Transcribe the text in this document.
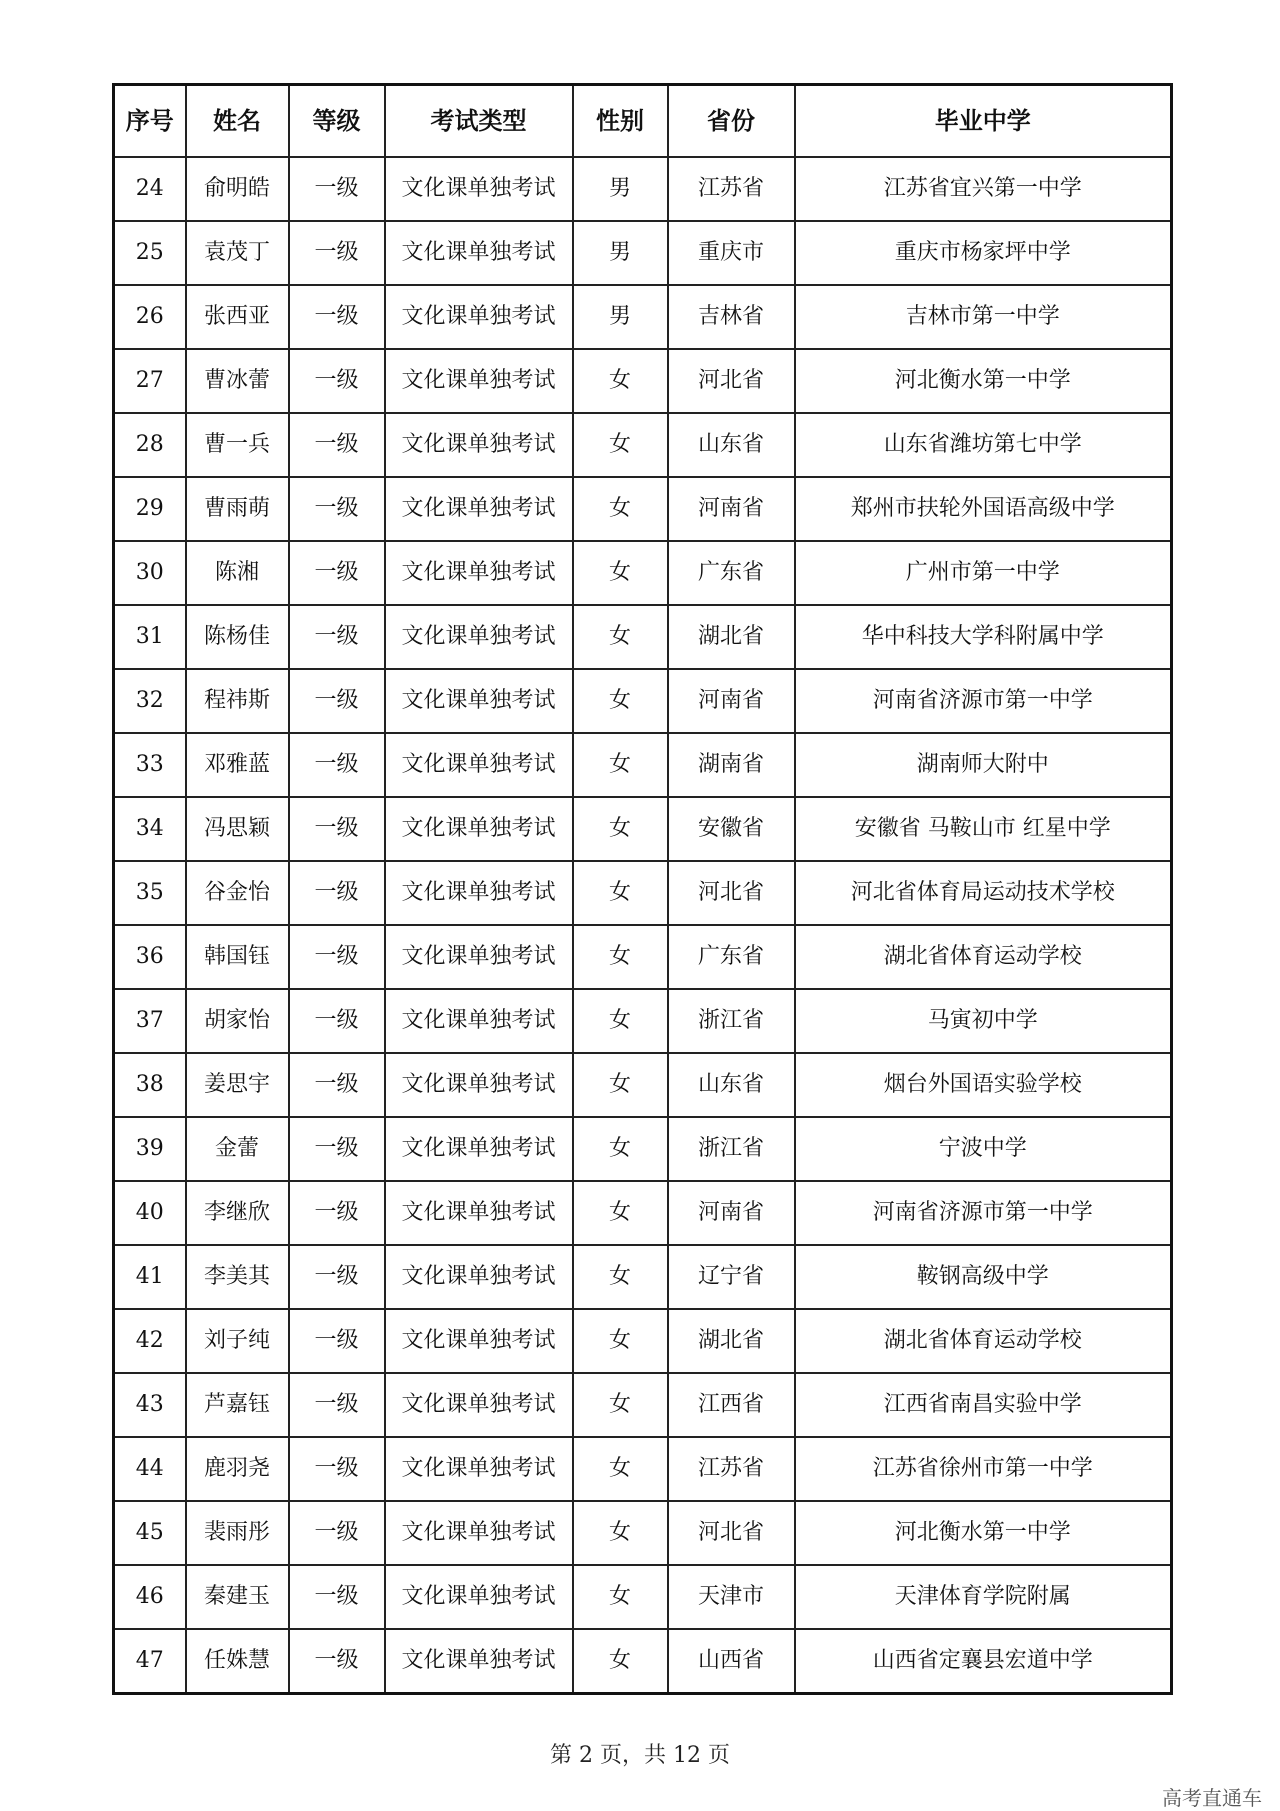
序号	姓名	等级	考试类型	性别	省份	毕业中学
24	俞明皓	一级	文化课单独考试	男	江苏省	江苏省宜兴第一中学
25	袁茂丁	一级	文化课单独考试	男	重庆市	重庆市杨家坪中学
26	张西亚	一级	文化课单独考试	男	吉林省	吉林市第一中学
27	曹冰蕾	一级	文化课单独考试	女	河北省	河北衡水第一中学
28	曹一兵	一级	文化课单独考试	女	山东省	山东省潍坊第七中学
29	曹雨萌	一级	文化课单独考试	女	河南省	郑州市扶轮外国语高级中学
30	陈湘	一级	文化课单独考试	女	广东省	广州市第一中学
31	陈杨佳	一级	文化课单独考试	女	湖北省	华中科技大学科附属中学
32	程祎斯	一级	文化课单独考试	女	河南省	河南省济源市第一中学
33	邓雅蓝	一级	文化课单独考试	女	湖南省	湖南师大附中
34	冯思颖	一级	文化课单独考试	女	安徽省	安徽省 马鞍山市 红星中学
35	谷金怡	一级	文化课单独考试	女	河北省	河北省体育局运动技术学校
36	韩国钰	一级	文化课单独考试	女	广东省	湖北省体育运动学校
37	胡家怡	一级	文化课单独考试	女	浙江省	马寅初中学
38	姜思宇	一级	文化课单独考试	女	山东省	烟台外国语实验学校
39	金蕾	一级	文化课单独考试	女	浙江省	宁波中学
40	李继欣	一级	文化课单独考试	女	河南省	河南省济源市第一中学
41	李美其	一级	文化课单独考试	女	辽宁省	鞍钢高级中学
42	刘子纯	一级	文化课单独考试	女	湖北省	湖北省体育运动学校
43	芦嘉钰	一级	文化课单独考试	女	江西省	江西省南昌实验中学
44	鹿羽尧	一级	文化课单独考试	女	江苏省	江苏省徐州市第一中学
45	裴雨彤	一级	文化课单独考试	女	河北省	河北衡水第一中学
46	秦建玉	一级	文化课单独考试	女	天津市	天津体育学院附属
47	任姝慧	一级	文化课单独考试	女	山西省	山西省定襄县宏道中学
第 2 页，共 12 页
高考直通车
